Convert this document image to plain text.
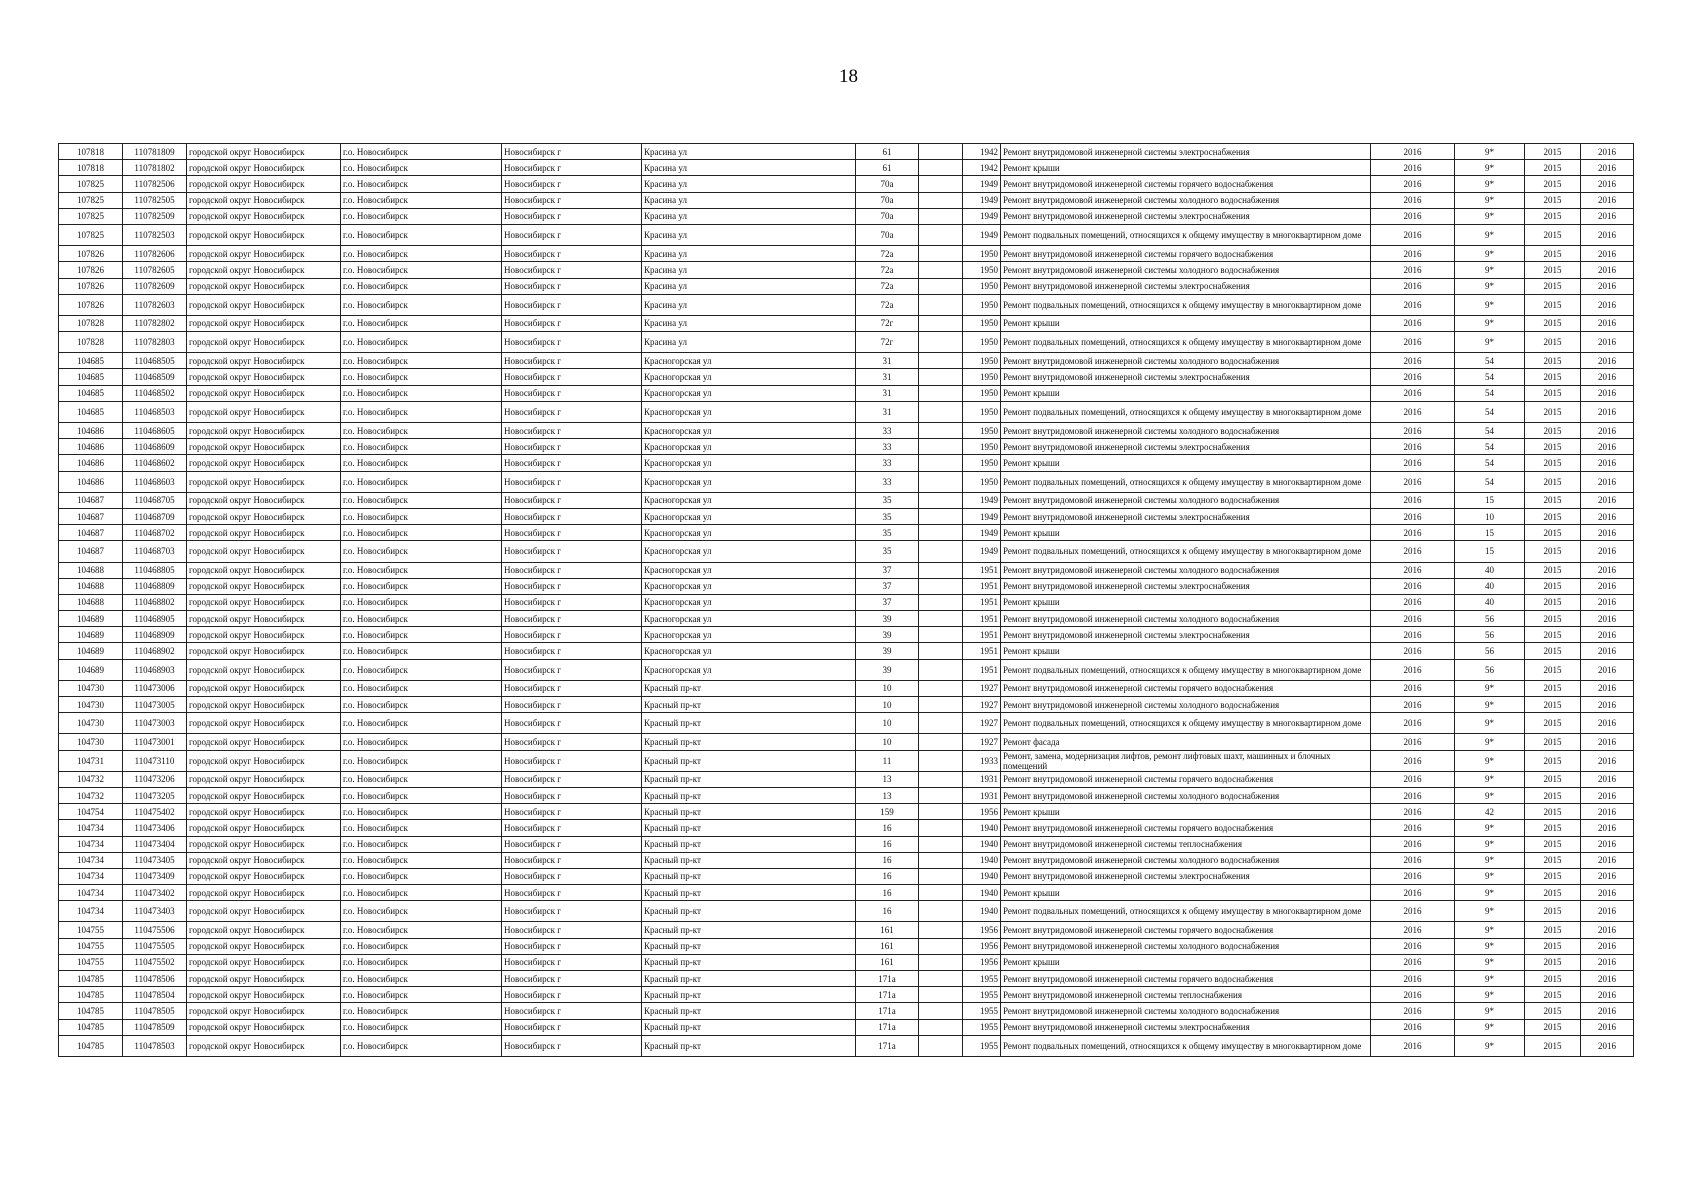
18
107818	110781809	городской округ Новосибирск	г.о. Новосибирск	Новосибирск г	Красина ул	61		1942	Ремонт внутридомовой инженерной системы электроснабжения	2016	9*	2015	2016
107818	110781802	городской округ Новосибирск	г.о. Новосибирск	Новосибирск г	Красина ул	61		1942	Ремонт крыши	2016	9*	2015	2016
107825	110782506	городской округ Новосибирск	г.о. Новосибирск	Новосибирск г	Красина ул	70а		1949	Ремонт внутридомовой инженерной системы горячего водоснабжения	2016	9*	2015	2016
107825	110782505	городской округ Новосибирск	г.о. Новосибирск	Новосибирск г	Красина ул	70а		1949	Ремонт внутридомовой инженерной системы холодного водоснабжения	2016	9*	2015	2016
107825	110782509	городской округ Новосибирск	г.о. Новосибирск	Новосибирск г	Красина ул	70а		1949	Ремонт внутридомовой инженерной системы электроснабжения	2016	9*	2015	2016
107825	110782503	городской округ Новосибирск	г.о. Новосибирск	Новосибирск г	Красина ул	70а		1949	Ремонт подвальных помещений, относящихся к общему имуществу в многоквартирном доме	2016	9*	2015	2016
107826	110782606	городской округ Новосибирск	г.о. Новосибирск	Новосибирск г	Красина ул	72а		1950	Ремонт внутридомовой инженерной системы горячего водоснабжения	2016	9*	2015	2016
107826	110782605	городской округ Новосибирск	г.о. Новосибирск	Новосибирск г	Красина ул	72а		1950	Ремонт внутридомовой инженерной системы холодного водоснабжения	2016	9*	2015	2016
107826	110782609	городской округ Новосибирск	г.о. Новосибирск	Новосибирск г	Красина ул	72а		1950	Ремонт внутридомовой инженерной системы электроснабжения	2016	9*	2015	2016
107826	110782603	городской округ Новосибирск	г.о. Новосибирск	Новосибирск г	Красина ул	72а		1950	Ремонт подвальных помещений, относящихся к общему имуществу в многоквартирном доме	2016	9*	2015	2016
107828	110782802	городской округ Новосибирск	г.о. Новосибирск	Новосибирск г	Красина ул	72г		1950	Ремонт крыши	2016	9*	2015	2016
107828	110782803	городской округ Новосибирск	г.о. Новосибирск	Новосибирск г	Красина ул	72г		1950	Ремонт подвальных помещений, относящихся к общему имуществу в многоквартирном доме	2016	9*	2015	2016
104685	110468505	городской округ Новосибирск	г.о. Новосибирск	Новосибирск г	Красногорская ул	31		1950	Ремонт внутридомовой инженерной системы холодного водоснабжения	2016	54	2015	2016
104685	110468509	городской округ Новосибирск	г.о. Новосибирск	Новосибирск г	Красногорская ул	31		1950	Ремонт внутридомовой инженерной системы электроснабжения	2016	54	2015	2016
104685	110468502	городской округ Новосибирск	г.о. Новосибирск	Новосибирск г	Красногорская ул	31		1950	Ремонт крыши	2016	54	2015	2016
104685	110468503	городской округ Новосибирск	г.о. Новосибирск	Новосибирск г	Красногорская ул	31		1950	Ремонт подвальных помещений, относящихся к общему имуществу в многоквартирном доме	2016	54	2015	2016
104686	110468605	городской округ Новосибирск	г.о. Новосибирск	Новосибирск г	Красногорская ул	33		1950	Ремонт внутридомовой инженерной системы холодного водоснабжения	2016	54	2015	2016
104686	110468609	городской округ Новосибирск	г.о. Новосибирск	Новосибирск г	Красногорская ул	33		1950	Ремонт внутридомовой инженерной системы электроснабжения	2016	54	2015	2016
104686	110468602	городской округ Новосибирск	г.о. Новосибирск	Новосибирск г	Красногорская ул	33		1950	Ремонт крыши	2016	54	2015	2016
104686	110468603	городской округ Новосибирск	г.о. Новосибирск	Новосибирск г	Красногорская ул	33		1950	Ремонт подвальных помещений, относящихся к общему имуществу в многоквартирном доме	2016	54	2015	2016
104687	110468705	городской округ Новосибирск	г.о. Новосибирск	Новосибирск г	Красногорская ул	35		1949	Ремонт внутридомовой инженерной системы холодного водоснабжения	2016	15	2015	2016
104687	110468709	городской округ Новосибирск	г.о. Новосибирск	Новосибирск г	Красногорская ул	35		1949	Ремонт внутридомовой инженерной системы электроснабжения	2016	10	2015	2016
104687	110468702	городской округ Новосибирск	г.о. Новосибирск	Новосибирск г	Красногорская ул	35		1949	Ремонт крыши	2016	15	2015	2016
104687	110468703	городской округ Новосибирск	г.о. Новосибирск	Новосибирск г	Красногорская ул	35		1949	Ремонт подвальных помещений, относящихся к общему имуществу в многоквартирном доме	2016	15	2015	2016
104688	110468805	городской округ Новосибирск	г.о. Новосибирск	Новосибирск г	Красногорская ул	37		1951	Ремонт внутридомовой инженерной системы холодного водоснабжения	2016	40	2015	2016
104688	110468809	городской округ Новосибирск	г.о. Новосибирск	Новосибирск г	Красногорская ул	37		1951	Ремонт внутридомовой инженерной системы электроснабжения	2016	40	2015	2016
104688	110468802	городской округ Новосибирск	г.о. Новосибирск	Новосибирск г	Красногорская ул	37		1951	Ремонт крыши	2016	40	2015	2016
104689	110468905	городской округ Новосибирск	г.о. Новосибирск	Новосибирск г	Красногорская ул	39		1951	Ремонт внутридомовой инженерной системы холодного водоснабжения	2016	56	2015	2016
104689	110468909	городской округ Новосибирск	г.о. Новосибирск	Новосибирск г	Красногорская ул	39		1951	Ремонт внутридомовой инженерной системы электроснабжения	2016	56	2015	2016
104689	110468902	городской округ Новосибирск	г.о. Новосибирск	Новосибирск г	Красногорская ул	39		1951	Ремонт крыши	2016	56	2015	2016
104689	110468903	городской округ Новосибирск	г.о. Новосибирск	Новосибирск г	Красногорская ул	39		1951	Ремонт подвальных помещений, относящихся к общему имуществу в многоквартирном доме	2016	56	2015	2016
104730	110473006	городской округ Новосибирск	г.о. Новосибирск	Новосибирск г	Красный пр-кт	10		1927	Ремонт внутридомовой инженерной системы горячего водоснабжения	2016	9*	2015	2016
104730	110473005	городской округ Новосибирск	г.о. Новосибирск	Новосибирск г	Красный пр-кт	10		1927	Ремонт внутридомовой инженерной системы холодного водоснабжения	2016	9*	2015	2016
104730	110473003	городской округ Новосибирск	г.о. Новосибирск	Новосибирск г	Красный пр-кт	10		1927	Ремонт подвальных помещений, относящихся к общему имуществу в многоквартирном доме	2016	9*	2015	2016
104730	110473001	городской округ Новосибирск	г.о. Новосибирск	Новосибирск г	Красный пр-кт	10		1927	Ремонт фасада	2016	9*	2015	2016
104731	110473110	городской округ Новосибирск	г.о. Новосибирск	Новосибирск г	Красный пр-кт	11		1933	Ремонт, замена, модернизация лифтов, ремонт лифтовых шахт, машинных и блочных помещений	2016	9*	2015	2016
104732	110473206	городской округ Новосибирск	г.о. Новосибирск	Новосибирск г	Красный пр-кт	13		1931	Ремонт внутридомовой инженерной системы горячего водоснабжения	2016	9*	2015	2016
104732	110473205	городской округ Новосибирск	г.о. Новосибирск	Новосибирск г	Красный пр-кт	13		1931	Ремонт внутридомовой инженерной системы холодного водоснабжения	2016	9*	2015	2016
104754	110475402	городской округ Новосибирск	г.о. Новосибирск	Новосибирск г	Красный пр-кт	159		1956	Ремонт крыши	2016	42	2015	2016
104734	110473406	городской округ Новосибирск	г.о. Новосибирск	Новосибирск г	Красный пр-кт	16		1940	Ремонт внутридомовой инженерной системы горячего водоснабжения	2016	9*	2015	2016
104734	110473404	городской округ Новосибирск	г.о. Новосибирск	Новосибирск г	Красный пр-кт	16		1940	Ремонт внутридомовой инженерной системы теплоснабжения	2016	9*	2015	2016
104734	110473405	городской округ Новосибирск	г.о. Новосибирск	Новосибирск г	Красный пр-кт	16		1940	Ремонт внутридомовой инженерной системы холодного водоснабжения	2016	9*	2015	2016
104734	110473409	городской округ Новосибирск	г.о. Новосибирск	Новосибирск г	Красный пр-кт	16		1940	Ремонт внутридомовой инженерной системы электроснабжения	2016	9*	2015	2016
104734	110473402	городской округ Новосибирск	г.о. Новосибирск	Новосибирск г	Красный пр-кт	16		1940	Ремонт крыши	2016	9*	2015	2016
104734	110473403	городской округ Новосибирск	г.о. Новосибирск	Новосибирск г	Красный пр-кт	16		1940	Ремонт подвальных помещений, относящихся к общему имуществу в многоквартирном доме	2016	9*	2015	2016
104755	110475506	городской округ Новосибирск	г.о. Новосибирск	Новосибирск г	Красный пр-кт	161		1956	Ремонт внутридомовой инженерной системы горячего водоснабжения	2016	9*	2015	2016
104755	110475505	городской округ Новосибирск	г.о. Новосибирск	Новосибирск г	Красный пр-кт	161		1956	Ремонт внутридомовой инженерной системы холодного водоснабжения	2016	9*	2015	2016
104755	110475502	городской округ Новосибирск	г.о. Новосибирск	Новосибирск г	Красный пр-кт	161		1956	Ремонт крыши	2016	9*	2015	2016
104785	110478506	городской округ Новосибирск	г.о. Новосибирск	Новосибирск г	Красный пр-кт	171а		1955	Ремонт внутридомовой инженерной системы горячего водоснабжения	2016	9*	2015	2016
104785	110478504	городской округ Новосибирск	г.о. Новосибирск	Новосибирск г	Красный пр-кт	171а		1955	Ремонт внутридомовой инженерной системы теплоснабжения	2016	9*	2015	2016
104785	110478505	городской округ Новосибирск	г.о. Новосибирск	Новосибирск г	Красный пр-кт	171а		1955	Ремонт внутридомовой инженерной системы холодного водоснабжения	2016	9*	2015	2016
104785	110478509	городской округ Новосибирск	г.о. Новосибирск	Новосибирск г	Красный пр-кт	171а		1955	Ремонт внутридомовой инженерной системы электроснабжения	2016	9*	2015	2016
104785	110478503	городской округ Новосибирск	г.о. Новосибирск	Новосибирск г	Красный пр-кт	171а		1955	Ремонт подвальных помещений, относящихся к общему имуществу в многоквартирном доме	2016	9*	2015	2016
